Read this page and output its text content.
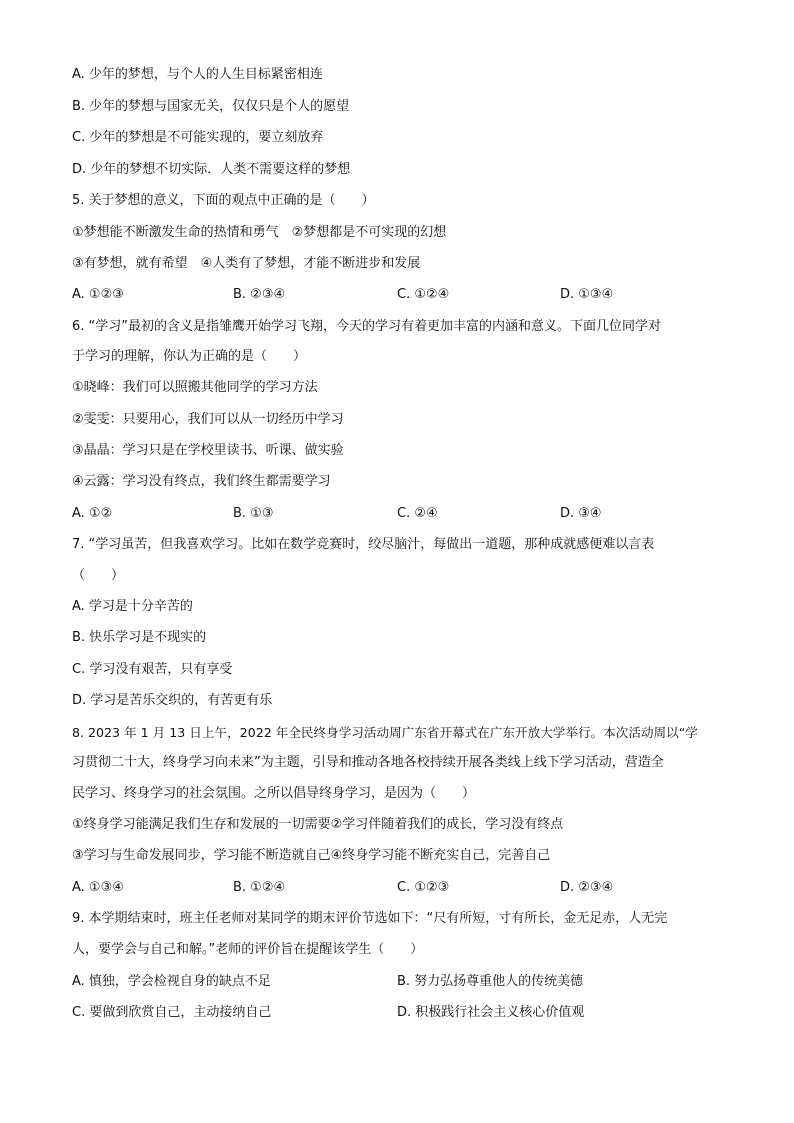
A. 少年的梦想，与个人的人生目标紧密相连
B. 少年的梦想与国家无关，仅仅只是个人的愿望
C. 少年的梦想是不可能实现的，要立刻放弃
D. 少年的梦想不切实际．人类不需要这样的梦想
5. 关于梦想的意义，下面的观点中正确的是（　　）
①梦想能不断激发生命的热情和勇气　②梦想都是不可实现的幻想
③有梦想，就有希望　④人类有了梦想，才能不断进步和发展
A. ①②③	B. ②③④	C. ①②④	D. ①③④
6. “学习”最初的含义是指雏鹰开始学习飞翔，今天的学习有着更加丰富的内涵和意义。下面几位同学对
于学习的理解，你认为正确的是（　　）
①晓峰：我们可以照搬其他同学的学习方法
②雯雯：只要用心，我们可以从一切经历中学习
③晶晶：学习只是在学校里读书、听课、做实验
④云露：学习没有终点，我们终生都需要学习
A. ①②	B. ①③	C. ②④	D. ③④
7. “学习虽苦，但我喜欢学习。比如在数学竞赛时，绞尽脑汁，每做出一道题，那种成就感便难以言表
（　　）
A. 学习是十分辛苦的
B. 快乐学习是不现实的
C. 学习没有艰苦，只有享受
D. 学习是苦乐交织的，有苦更有乐
8. 2023 年 1 月 13 日上午，2022 年全民终身学习活动周广东省开幕式在广东开放大学举行。本次活动周以“学
习贯彻二十大，终身学习向未来”为主题，引导和推动各地各校持续开展各类线上线下学习活动，营造全
民学习、终身学习的社会氛围。之所以倡导终身学习，是因为（　　）
①终身学习能满足我们生存和发展的一切需要②学习伴随着我们的成长，学习没有终点
③学习与生命发展同步，学习能不断造就自己④终身学习能不断充实自己，完善自己
A. ①③④	B. ①②④	C. ①②③	D. ②③④
9. 本学期结束时，班主任老师对某同学的期末评价节选如下：“尺有所短，寸有所长，金无足赤，人无完
人，要学会与自己和解。”老师的评价旨在提醒该学生（　　）
A. 慎独，学会检视自身的缺点不足	B. 努力弘扬尊重他人的传统美德
C. 要做到欣赏自己，主动接纳自己	D. 积极践行社会主义核心价值观
